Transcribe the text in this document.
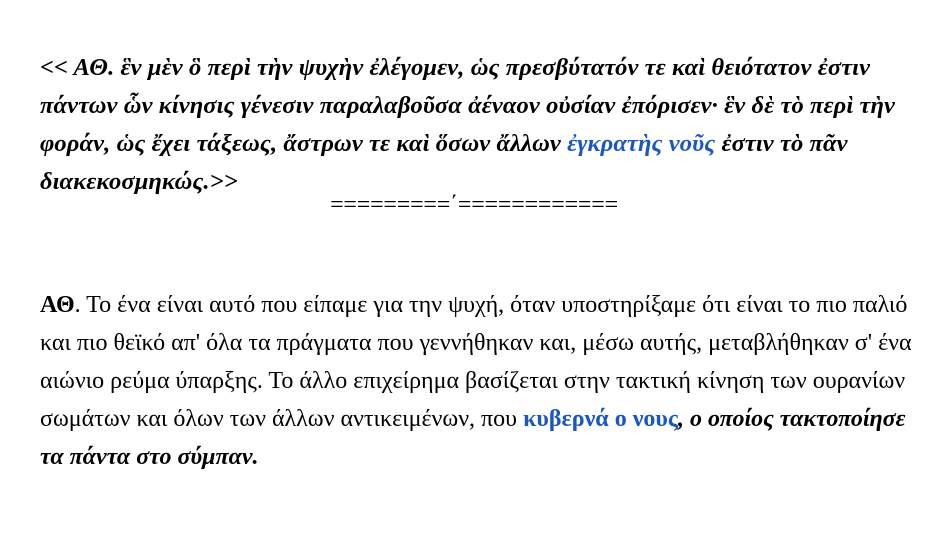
<< ΑΘ. ἓν μὲν ὃ περὶ τὴν ψυχὴν ἐλέγομεν, ὡς πρεσβύτατόν τε καὶ θειότατον ἐστιν πάντων ὧν κίνησις γένεσιν παραλαβοῦσα ἀέναον οὐσίαν ἐπόρισεν· ἓν δὲ τὸ περὶ τὴν φοράν, ὡς ἔχει τάξεως, ἄστρων τε καὶ ὅσων ἄλλων ἐγκρατὴς νοῦς ἐστιν τὸ πᾶν διακεκοσμηκώς.>>

=========΄============

ΑΘ. Το ένα είναι αυτό που είπαμε για την ψυχή, όταν υποστηρίξαμε ότι είναι το πιο παλιό και πιο θεϊκό απ' όλα τα πράγματα που γεννήθηκαν και, μέσω αυτής, μεταβλήθηκαν σ' ένα αιώνιο ρεύμα ύπαρξης. Το άλλο επιχείρημα βασίζεται στην τακτική κίνηση των ουρανίων σωμάτων και όλων των άλλων αντικειμένων, που κυβερνά ο νους, ο οποίος τακτοποίησε τα πάντα στο σύμπαν.
